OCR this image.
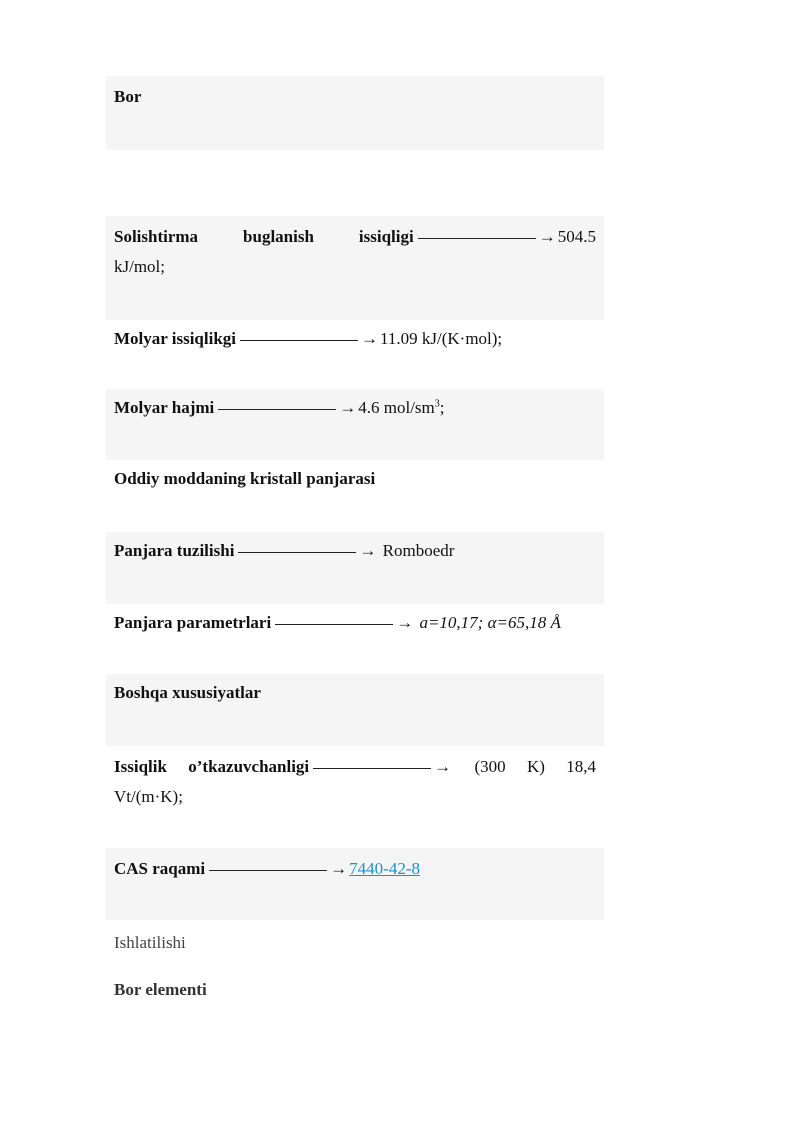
Bor
Solishtirma	buglanish	issiqligi	→ 504.5
kJ/mol;
Molyar issiqlikgi	→ 11.09 kJ/(K·mol);
Molyar hajmi	→ 4.6 mol/$sm^3$;
Oddiy moddaning kristall panjarasi
Panjara tuzilishi	→ Romboedr
Panjara parametrlari	→ a=10,17; α=65,18 Å
Boshqa xususiyatlar
Issiqlik o’tkazuvchanligi	→ (300 K) 18,4
Vt/(m·K);
CAS raqami	→ 7440-42-8
Ishlatilishi
Bor elementi
